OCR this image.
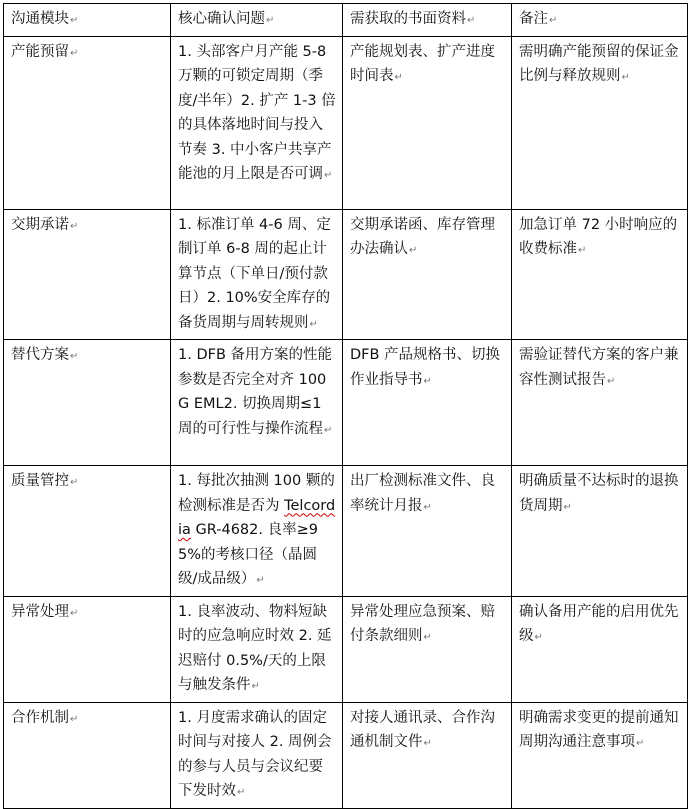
沟通模块↵	核心确认问题↵	需获取的书面资料↵	备注↵
产能预留↵	1. 头部客户月产能 5-8 万颗的可锁定周期（季度/半年）2. 扩产 1-3 倍的具体落地时间与投入节奏 3. 中小客户共享产能池的月上限是否可调↵	产能规划表、扩产进度时间表↵	需明确产能预留的保证金比例与释放规则↵
交期承诺↵	1. 标准订单 4-6 周、定制订单 6-8 周的起止计算节点（下单日/预付款日）2. 10%安全库存的备货周期与周转规则↵	交期承诺函、库存管理办法确认↵	加急订单 72 小时响应的收费标准↵
替代方案↵	1. DFB 备用方案的性能参数是否完全对齐 100G EML2. 切换周期≤1 周的可行性与操作流程↵	DFB 产品规格书、切换作业指导书↵	需验证替代方案的客户兼容性测试报告↵
质量管控↵	1. 每批次抽测 100 颗的检测标准是否为 Telcordia GR-4682. 良率≥95%的考核口径（晶圆级/成品级）↵	出厂检测标准文件、良率统计月报↵	明确质量不达标时的退换货周期↵
异常处理↵	1. 良率波动、物料短缺时的应急响应时效 2. 延迟赔付 0.5%/天的上限与触发条件↵	异常处理应急预案、赔付条款细则↵	确认备用产能的启用优先级↵
合作机制↵	1. 月度需求确认的固定时间与对接人 2. 周例会的参与人员与会议纪要下发时效↵	对接人通讯录、合作沟通机制文件↵	明确需求变更的提前通知周期沟通注意事项↵
